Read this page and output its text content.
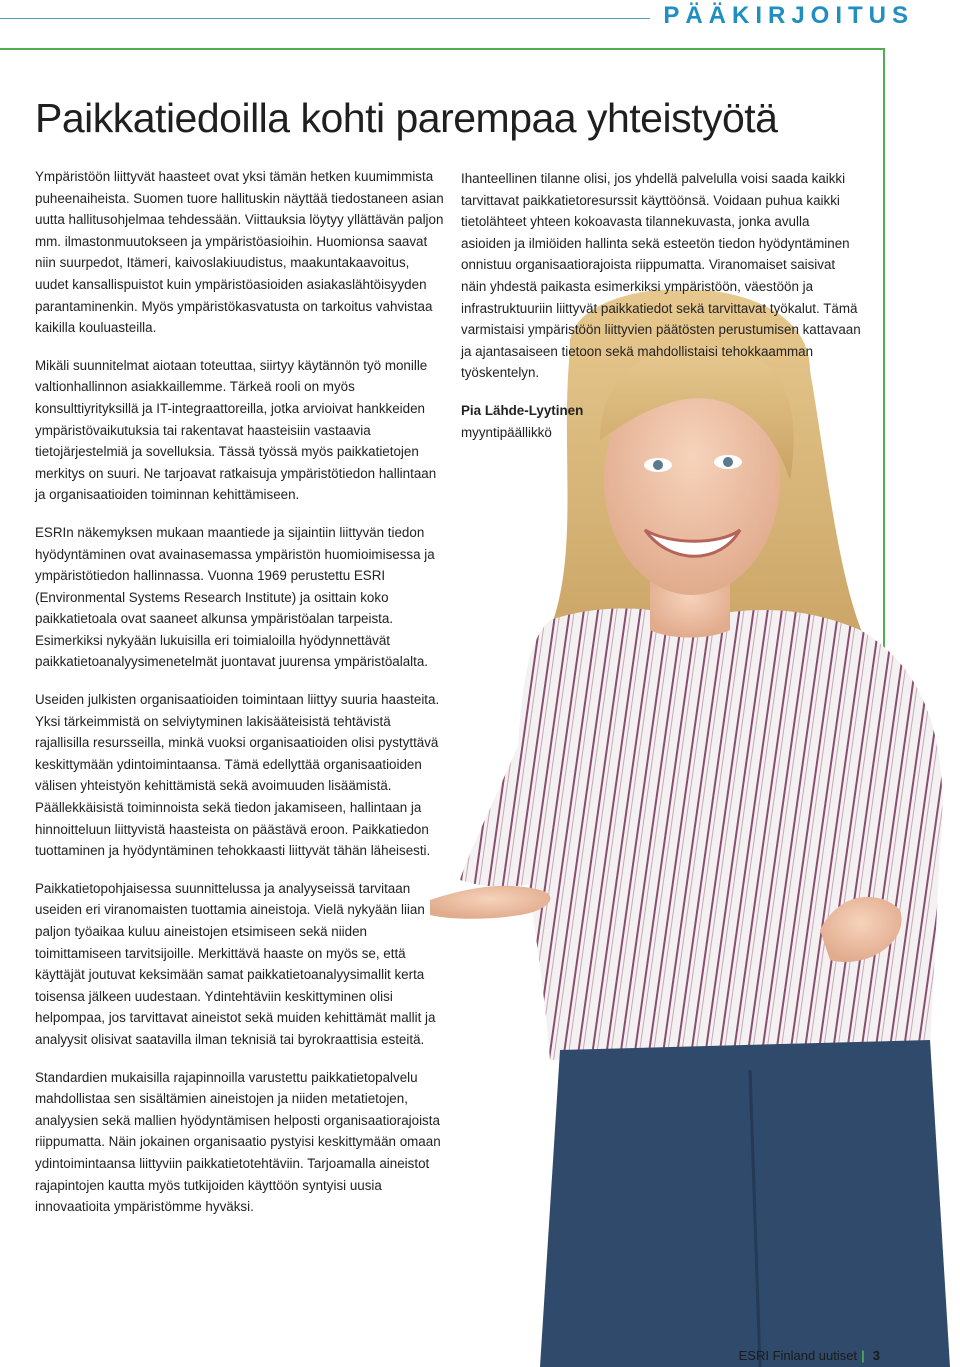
PÄÄKIRJOITUS
Paikkatiedoilla kohti parempaa yhteistyötä

Ympäristöön liittyvät haasteet ovat yksi tämän hetken kuumimmista puheenaiheista. Suomen tuore hallituskin näyttää tiedostaneen asian uutta hallitusohjelmaa tehdessään. Viittauksia löytyy yllättävän paljon mm. ilmastonmuutokseen ja ympäristöasioihin. Huomionsa saavat niin suurpedot, Itämeri, kaivoslakiuudistus, maakuntakaavoitus, uudet kansallispuistot kuin ympäristöasioiden asiakaslähtöisyyden parantaminenkin. Myös ympäristökasvatusta on tarkoitus vahvistaa kaikilla kouluasteilla.

Mikäli suunnitelmat aiotaan toteuttaa, siirtyy käytännön työ monille valtionhallinnon asiakkaillemme. Tärkeä rooli on myös konsulttiyrityksillä ja IT-integraattoreilla, jotka arvioivat hankkeiden ympäristövaikutuksia tai rakentavat haasteisiin vastaavia tietojärjestelmiä ja sovelluksia. Tässä työssä myös paikkatietojen merkitys on suuri. Ne tarjoavat ratkaisuja ympäristötiedon hallintaan ja organisaatioiden toiminnan kehittämiseen.

ESRIn näkemyksen mukaan maantiede ja sijaintiin liittyvän tiedon hyödyntäminen ovat avainasemassa ympäristön huomioimisessa ja ympäristötiedon hallinnassa. Vuonna 1969 perustettu ESRI (Environmental Systems Research Institute) ja osittain koko paikkatietoala ovat saaneet alkunsa ympäristöalan tarpeista. Esimerkiksi nykyään lukuisilla eri toimialoilla hyödynnettävät paikkatietoanalyysimenetelmät juontavat juurensa ympäristöalalta.

Useiden julkisten organisaatioiden toimintaan liittyy suuria haasteita. Yksi tärkeimmistä on selviytyminen lakisääteisistä tehtävistä rajallisilla resursseilla, minkä vuoksi organisaatioiden olisi pystyttävä keskittymään ydintoimintaansa. Tämä edellyttää organisaatioiden välisen yhteistyön kehittämistä sekä avoimuuden lisäämistä. Päällekkäisistä toiminnoista sekä tiedon jakamiseen, hallintaan ja hinnoitteluun liittyvistä haasteista on päästävä eroon. Paikkatiedon tuottaminen ja hyödyntäminen tehokkaasti liittyvät tähän läheisesti.

Paikkatietopohjaisessa suunnittelussa ja analyyseissä tarvitaan useiden eri viranomaisten tuottamia aineistoja. Vielä nykyään liian paljon työaikaa kuluu aineistojen etsimiseen sekä niiden toimittamiseen tarvitsijoille. Merkittävä haaste on myös se, että käyttäjät joutuvat keksimään samat paikkatietoanalyysimallit kerta toisensa jälkeen uudestaan. Ydintehtäviin keskittyminen olisi helpompaa, jos tarvittavat aineistot sekä muiden kehittämät mallit ja analyysit olisivat saatavilla ilman teknisiä tai byrokraattisia esteitä.

Standardien mukaisilla rajapinnoilla varustettu paikkatietopalvelu mahdollistaa sen sisältämien aineistojen ja niiden metatietojen, analyysien sekä mallien hyödyntämisen helposti organisaatiorajoista riippumatta. Näin jokainen organisaatio pystyisi keskittymään omaan ydintoimintaansa liittyviin paikkatietotehtäviin. Tarjoamalla aineistot rajapintojen kautta myös tutkijoiden käyttöön syntyisi uusia innovaatioita ympäristömme hyväksi.

Ihanteellinen tilanne olisi, jos yhdellä palvelulla voisi saada kaikki tarvittavat paikkatietoresurssit käyttöönsä. Voidaan puhua kaikki tietolähteet yhteen kokoavasta tilannekuvasta, jonka avulla asioiden ja ilmiöiden hallinta sekä esteetön tiedon hyödyntäminen onnistuu organisaatiorajoista riippumatta. Viranomaiset saisivat näin yhdestä paikasta esimerkiksi ympäristöön, väestöön ja infrastruktuuriin liittyvät paikkatiedot sekä tarvittavat työkalut. Tämä varmistaisi ympäristöön liittyvien päätösten perustumisen kattavaan ja ajantasaiseen tietoon sekä mahdollistaisi tehokkaamman työskentelyn.

Pia Lähde-Lyytinen
myyntipäällikkö

ESRI Finland uutiset | 3
